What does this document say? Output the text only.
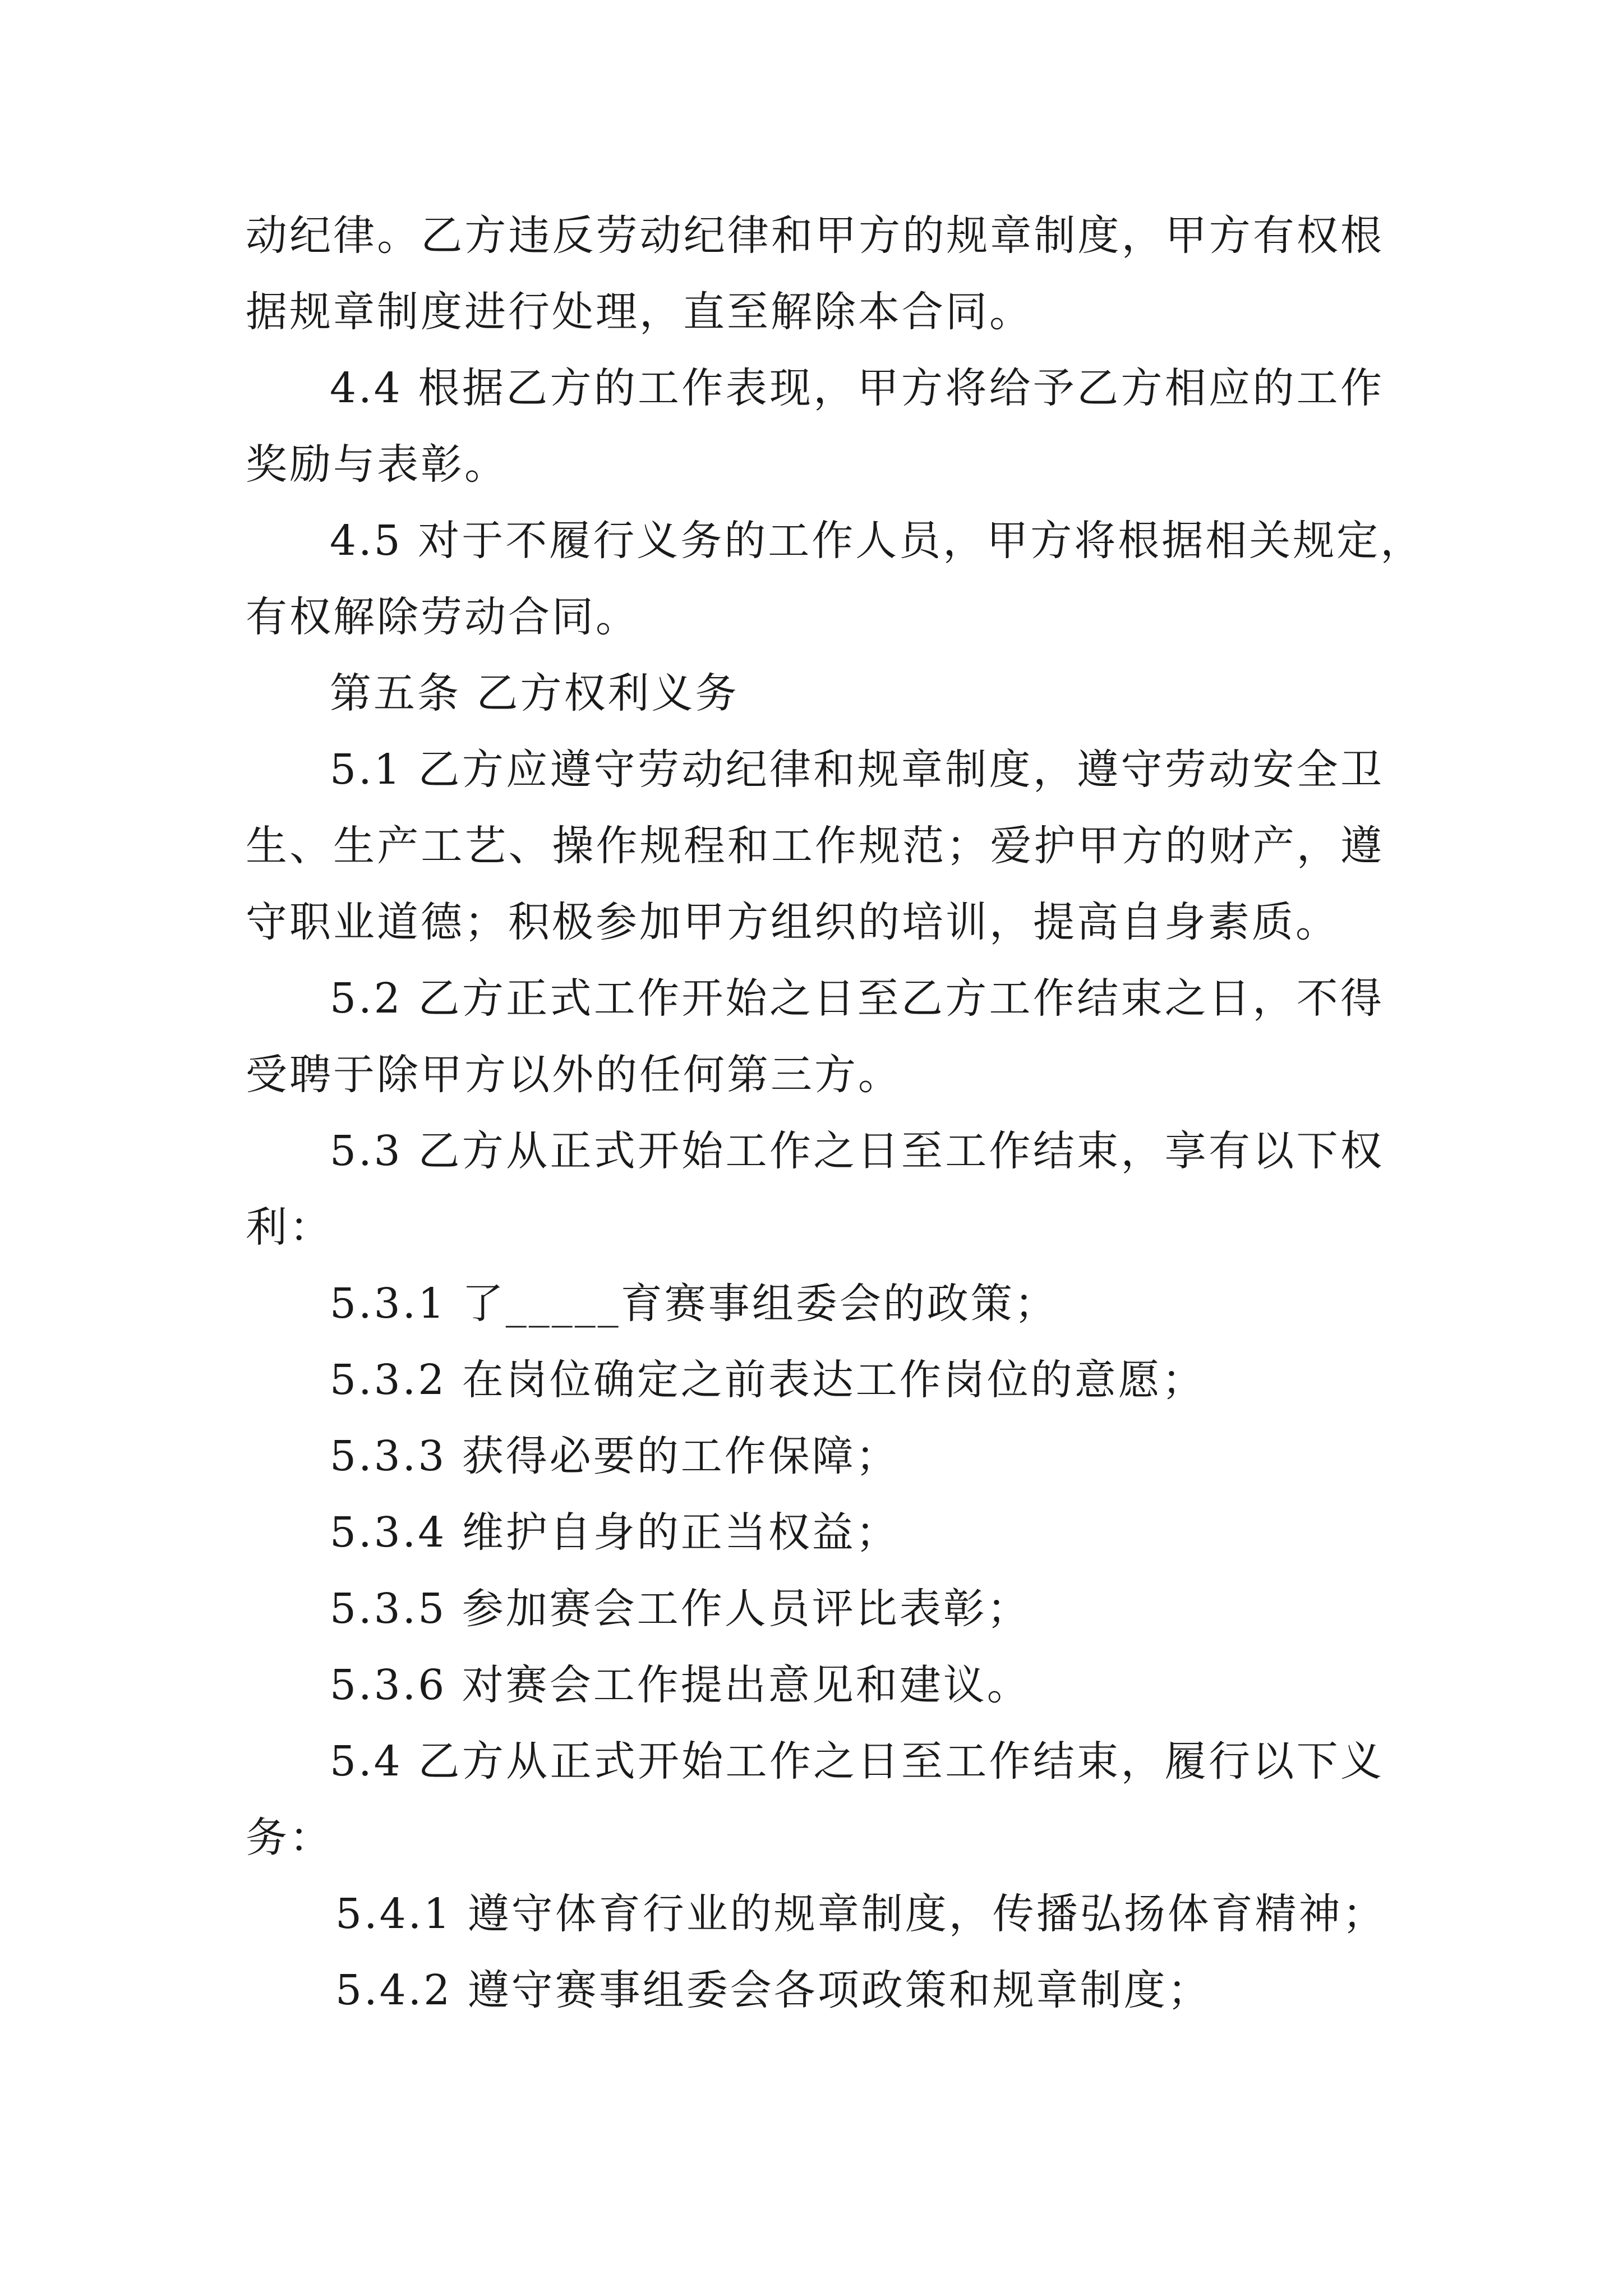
动纪律。乙方违反劳动纪律和甲方的规章制度，甲方有权根
据规章制度进行处理，直至解除本合同。
4.4 根据乙方的工作表现，甲方将给予乙方相应的工作
奖励与表彰。
4.5 对于不履行义务的工作人员，甲方将根据相关规定，
有权解除劳动合同。
第五条 乙方权利义务
5.1 乙方应遵守劳动纪律和规章制度，遵守劳动安全卫
生、生产工艺、操作规程和工作规范；爱护甲方的财产，遵
守职业道德；积极参加甲方组织的培训，提高自身素质。
5.2 乙方正式工作开始之日至乙方工作结束之日，不得
受聘于除甲方以外的任何第三方。
5.3 乙方从正式开始工作之日至工作结束，享有以下权
利：
5.3.1 了_____育赛事组委会的政策；
5.3.2 在岗位确定之前表达工作岗位的意愿；
5.3.3 获得必要的工作保障；
5.3.4 维护自身的正当权益；
5.3.5 参加赛会工作人员评比表彰；
5.3.6 对赛会工作提出意见和建议。
5.4 乙方从正式开始工作之日至工作结束，履行以下义
务：
5.4.1 遵守体育行业的规章制度，传播弘扬体育精神；
5.4.2 遵守赛事组委会各项政策和规章制度；
